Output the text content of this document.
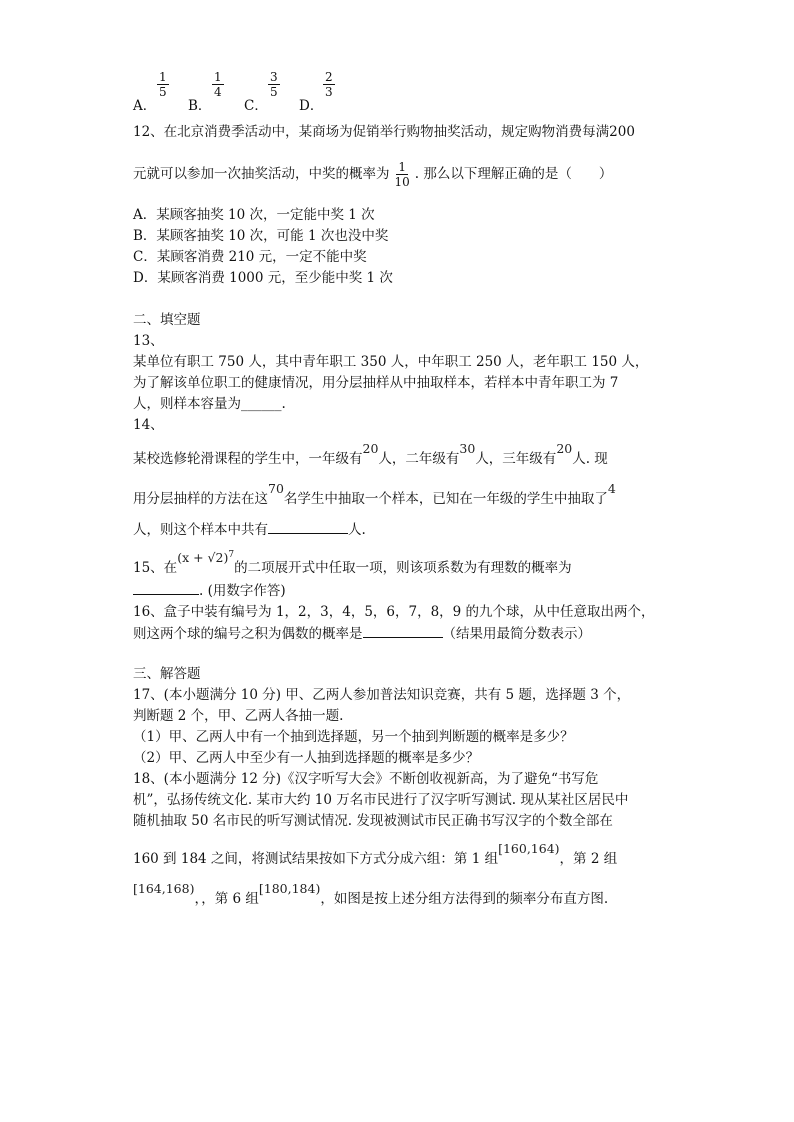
A．
$\frac{1}{5}$
B．
$\frac{1}{4}$
C．
$\frac{3}{5}$
D．
$\frac{2}{3}$
12、在北京消费季活动中，某商场为促销举行购物抽奖活动，规定购物消费每满200
元就可以参加一次抽奖活动，中奖的概率为 $\frac{1}{10}$ . 那么以下理解正确的是（　　）
A．某顾客抽奖 10 次，一定能中奖 1 次
B．某顾客抽奖 10 次，可能 1 次也没中奖
C．某顾客消费 210 元，一定不能中奖
D．某顾客消费 1000 元，至少能中奖 1 次
二、填空题
13、
某单位有职工 750 人，其中青年职工 350 人，中年职工 250 人，老年职工 150 人，
为了解该单位职工的健康情况，用分层抽样从中抽取样本，若样本中青年职工为 7
人，则样本容量为______.
14、
某校选修轮滑课程的学生中，一年级有20人，二年级有30人，三年级有20人. 现
用分层抽样的方法在这70名学生中抽取一个样本，已知在一年级的学生中抽取了4
人，则这个样本中共有	人.
15、在$(x + √2)^7$的二项展开式中任取一项，则该项系数为有理数的概率为
. (用数字作答)
16、盒子中装有编号为 1，2，3，4，5，6，7，8，9 的九个球，从中任意取出两个，
则这两个球的编号之积为偶数的概率是	（结果用最简分数表示）
三、解答题
17、(本小题满分 10 分) 甲、乙两人参加普法知识竞赛，共有 5 题，选择题 3 个，
判断题 2 个，甲、乙两人各抽一题.
（1）甲、乙两人中有一个抽到选择题，另一个抽到判断题的概率是多少？
（2）甲、乙两人中至少有一人抽到选择题的概率是多少？
18、(本小题满分 12 分)《汉字听写大会》不断创收视新高，为了避免“书写危
机”，弘扬传统文化. 某市大约 10 万名市民进行了汉字听写测试. 现从某社区居民中
随机抽取 50 名市民的听写测试情况. 发现被测试市民正确书写汉字的个数全部在
160 到 184 之间，将测试结果按如下方式分成六组：第 1 组[160,164)，第 2 组
[164,168)，，第 6 组[180,184)，如图是按上述分组方法得到的频率分布直方图.
